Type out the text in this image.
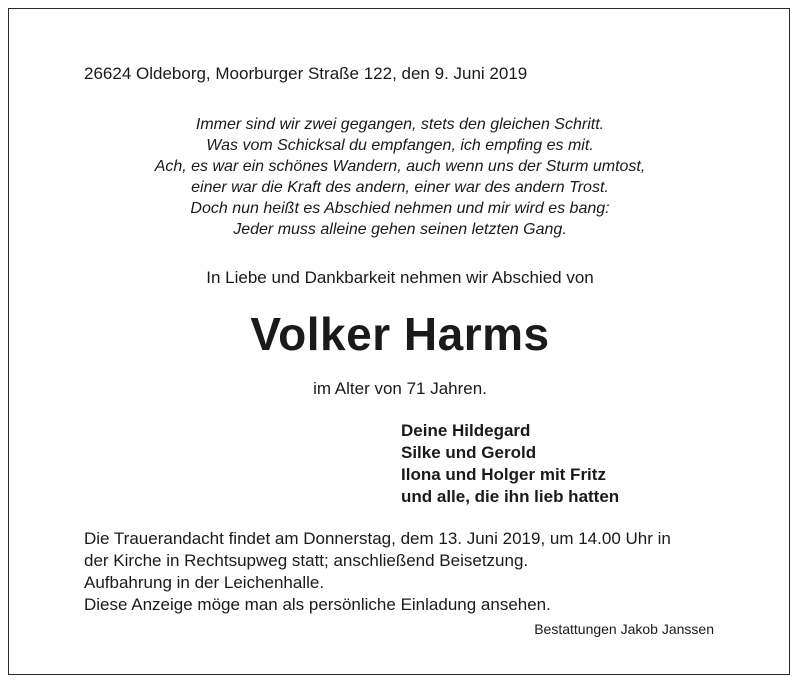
26624 Oldeborg, Moorburger Straße 122, den 9. Juni 2019
Immer sind wir zwei gegangen, stets den gleichen Schritt.
Was vom Schicksal du empfangen, ich empfing es mit.
Ach, es war ein schönes Wandern, auch wenn uns der Sturm umtost,
einer war die Kraft des andern, einer war des andern Trost.
Doch nun heißt es Abschied nehmen und mir wird es bang:
Jeder muss alleine gehen seinen letzten Gang.
In Liebe und Dankbarkeit nehmen wir Abschied von
Volker Harms
im Alter von 71 Jahren.
Deine Hildegard
Silke und Gerold
Ilona und Holger mit Fritz
und alle, die ihn lieb hatten
Die Trauerandacht findet am Donnerstag, dem 13. Juni 2019, um 14.00 Uhr in
der Kirche in Rechtsupweg statt; anschließend Beisetzung.
Aufbahrung in der Leichenhalle.
Diese Anzeige möge man als persönliche Einladung ansehen.
Bestattungen Jakob Janssen
